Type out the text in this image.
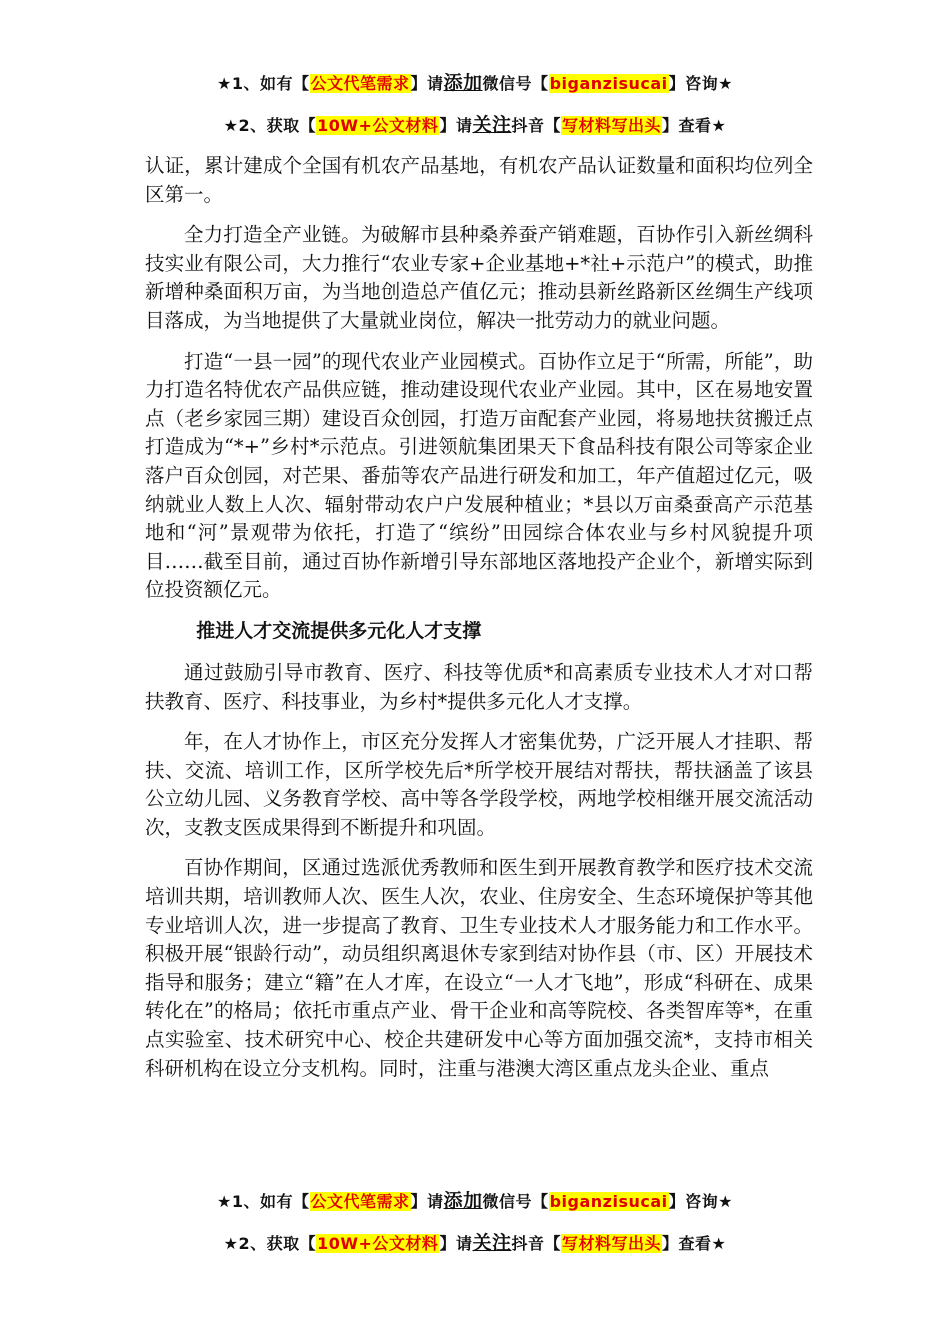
★1、如有【公文代笔需求】请添加微信号【biganzisucai】咨询★
★2、获取【10W+公文材料】请关注抖音【写材料写出头】查看★

认证，累计建成个全国有机农产品基地，有机农产品认证数量和面积均位列全区第一。

全力打造全产业链。为破解市县种桑养蚕产销难题，百协作引入新丝绸科技实业有限公司，大力推行“农业专家+企业基地+*社+示范户”的模式，助推新增种桑面积万亩，为当地创造总产值亿元；推动县新丝路新区丝绸生产线项目落成，为当地提供了大量就业岗位，解决一批劳动力的就业问题。

打造“一县一园”的现代农业产业园模式。百协作立足于“所需，所能”，助力打造名特优农产品供应链，推动建设现代农业产业园。其中，区在易地安置点（老乡家园三期）建设百众创园，打造万亩配套产业园，将易地扶贫搬迁点打造成为“*+”乡村*示范点。引进领航集团果天下食品科技有限公司等家企业落户百众创园，对芒果、番茄等农产品进行研发和加工，年产值超过亿元，吸纳就业人数上人次、辐射带动农户户发展种植业；*县以万亩桑蚕高产示范基地和“河”景观带为依托，打造了“缤纷”田园综合体农业与乡村风貌提升项目……截至目前，通过百协作新增引导东部地区落地投产企业个，新增实际到位投资额亿元。

推进人才交流提供多元化人才支撑

通过鼓励引导市教育、医疗、科技等优质*和高素质专业技术人才对口帮扶教育、医疗、科技事业，为乡村*提供多元化人才支撑。

年，在人才协作上，市区充分发挥人才密集优势，广泛开展人才挂职、帮扶、交流、培训工作，区所学校先后*所学校开展结对帮扶，帮扶涵盖了该县公立幼儿园、义务教育学校、高中等各学段学校，两地学校相继开展交流活动次，支教支医成果得到不断提升和巩固。

百协作期间，区通过选派优秀教师和医生到开展教育教学和医疗技术交流培训共期，培训教师人次、医生人次，农业、住房安全、生态环境保护等其他专业培训人次，进一步提高了教育、卫生专业技术人才服务能力和工作水平。积极开展“银龄行动”，动员组织离退休专家到结对协作县（市、区）开展技术指导和服务；建立“籍”在人才库，在设立“一人才飞地”，形成“科研在、成果转化在”的格局；依托市重点产业、骨干企业和高等院校、各类智库等*，在重点实验室、技术研究中心、校企共建研发中心等方面加强交流*，支持市相关科研机构在设立分支机构。同时，注重与港澳大湾区重点龙头企业、重点

★1、如有【公文代笔需求】请添加微信号【biganzisucai】咨询★
★2、获取【10W+公文材料】请关注抖音【写材料写出头】查看★
